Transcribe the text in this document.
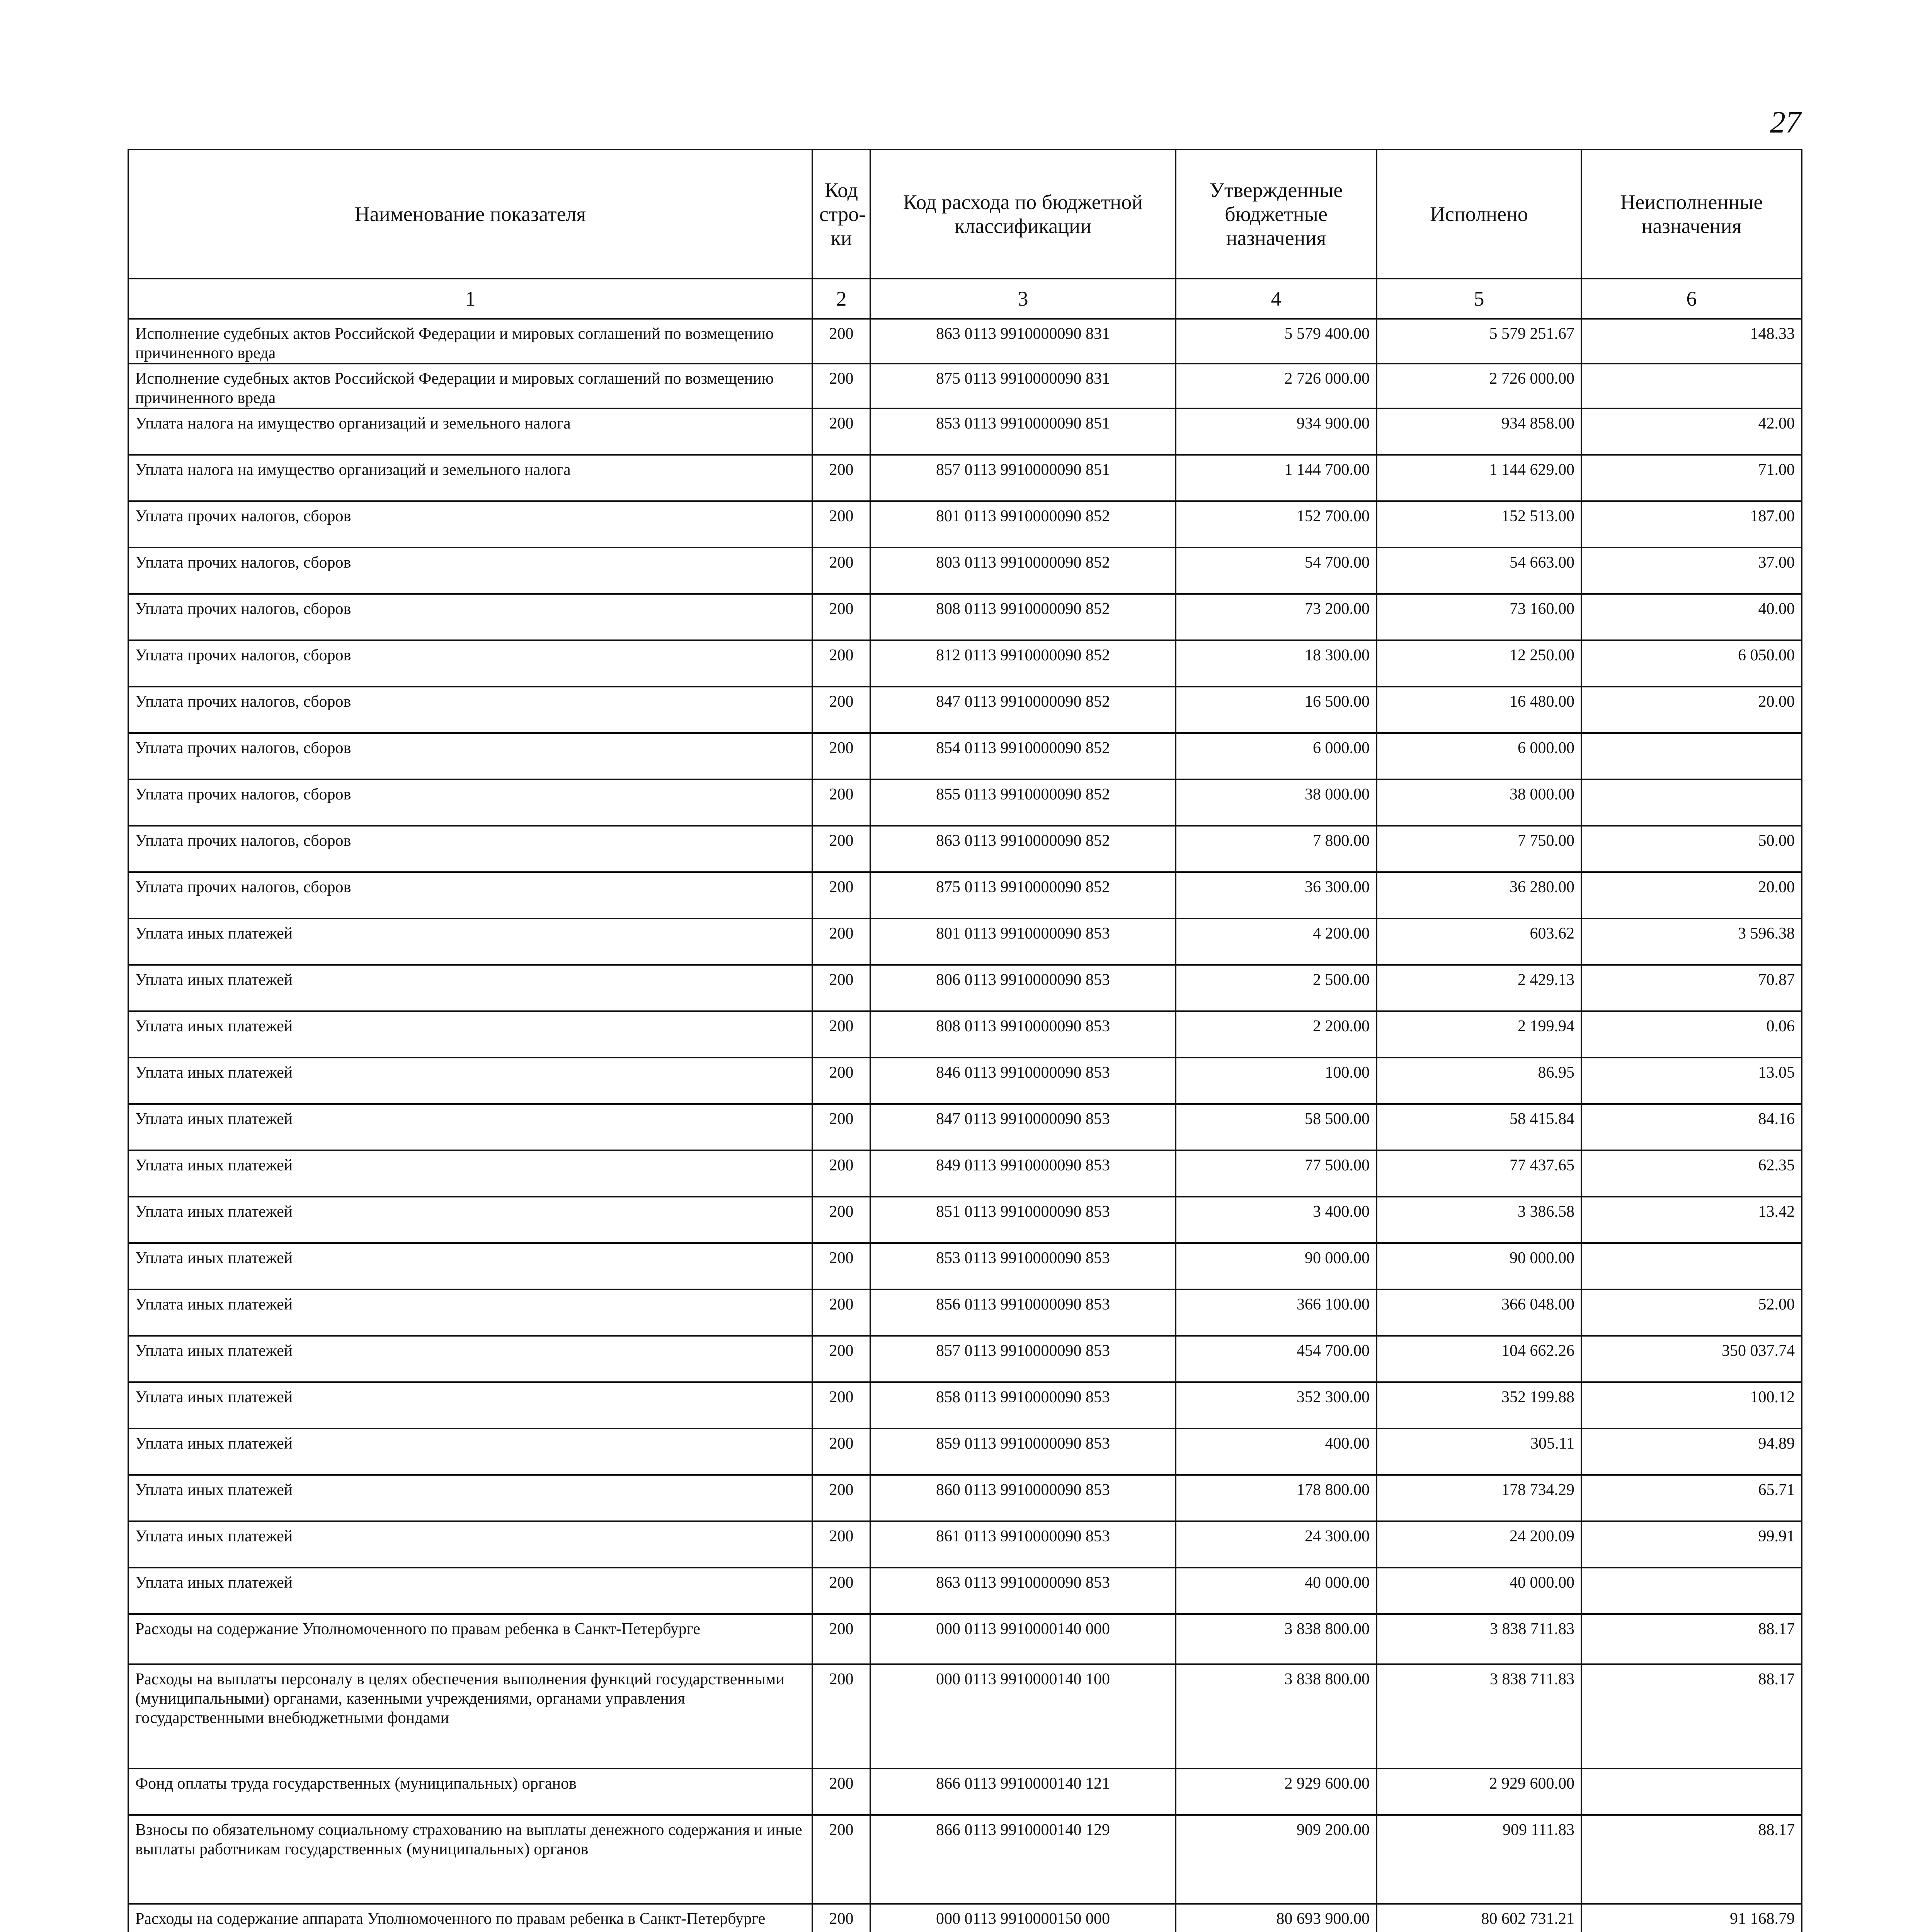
27
Наименование показателя	Код стро-ки	Код расхода по бюджетной классификации	Утвержденные бюджетные назначения	Исполнено	Неисполненные назначения
1	2	3	4	5	6
Исполнение судебных актов Российской Федерации и мировых соглашений по возмещению причиненного вреда	200	863 0113 9910000090 831	5 579 400.00	5 579 251.67	148.33
Исполнение судебных актов Российской Федерации и мировых соглашений по возмещению причиненного вреда	200	875 0113 9910000090 831	2 726 000.00	2 726 000.00	
Уплата налога на имущество организаций и земельного налога	200	853 0113 9910000090 851	934 900.00	934 858.00	42.00
Уплата налога на имущество организаций и земельного налога	200	857 0113 9910000090 851	1 144 700.00	1 144 629.00	71.00
Уплата прочих налогов, сборов	200	801 0113 9910000090 852	152 700.00	152 513.00	187.00
Уплата прочих налогов, сборов	200	803 0113 9910000090 852	54 700.00	54 663.00	37.00
Уплата прочих налогов, сборов	200	808 0113 9910000090 852	73 200.00	73 160.00	40.00
Уплата прочих налогов, сборов	200	812 0113 9910000090 852	18 300.00	12 250.00	6 050.00
Уплата прочих налогов, сборов	200	847 0113 9910000090 852	16 500.00	16 480.00	20.00
Уплата прочих налогов, сборов	200	854 0113 9910000090 852	6 000.00	6 000.00	
Уплата прочих налогов, сборов	200	855 0113 9910000090 852	38 000.00	38 000.00	
Уплата прочих налогов, сборов	200	863 0113 9910000090 852	7 800.00	7 750.00	50.00
Уплата прочих налогов, сборов	200	875 0113 9910000090 852	36 300.00	36 280.00	20.00
Уплата иных платежей	200	801 0113 9910000090 853	4 200.00	603.62	3 596.38
Уплата иных платежей	200	806 0113 9910000090 853	2 500.00	2 429.13	70.87
Уплата иных платежей	200	808 0113 9910000090 853	2 200.00	2 199.94	0.06
Уплата иных платежей	200	846 0113 9910000090 853	100.00	86.95	13.05
Уплата иных платежей	200	847 0113 9910000090 853	58 500.00	58 415.84	84.16
Уплата иных платежей	200	849 0113 9910000090 853	77 500.00	77 437.65	62.35
Уплата иных платежей	200	851 0113 9910000090 853	3 400.00	3 386.58	13.42
Уплата иных платежей	200	853 0113 9910000090 853	90 000.00	90 000.00	
Уплата иных платежей	200	856 0113 9910000090 853	366 100.00	366 048.00	52.00
Уплата иных платежей	200	857 0113 9910000090 853	454 700.00	104 662.26	350 037.74
Уплата иных платежей	200	858 0113 9910000090 853	352 300.00	352 199.88	100.12
Уплата иных платежей	200	859 0113 9910000090 853	400.00	305.11	94.89
Уплата иных платежей	200	860 0113 9910000090 853	178 800.00	178 734.29	65.71
Уплата иных платежей	200	861 0113 9910000090 853	24 300.00	24 200.09	99.91
Уплата иных платежей	200	863 0113 9910000090 853	40 000.00	40 000.00	
Расходы на содержание Уполномоченного по правам ребенка в Санкт-Петербурге	200	000 0113 9910000140 000	3 838 800.00	3 838 711.83	88.17
Расходы на выплаты персоналу в целях обеспечения выполнения функций государственными (муниципальными) органами, казенными учреждениями, органами управления государственными внебюджетными фондами	200	000 0113 9910000140 100	3 838 800.00	3 838 711.83	88.17
Фонд оплаты труда государственных (муниципальных) органов	200	866 0113 9910000140 121	2 929 600.00	2 929 600.00	
Взносы по обязательному социальному страхованию на выплаты денежного содержания и иные выплаты работникам государственных (муниципальных) органов	200	866 0113 9910000140 129	909 200.00	909 111.83	88.17
Расходы на содержание аппарата Уполномоченного по правам ребенка в Санкт-Петербурге	200	000 0113 9910000150 000	80 693 900.00	80 602 731.21	91 168.79
